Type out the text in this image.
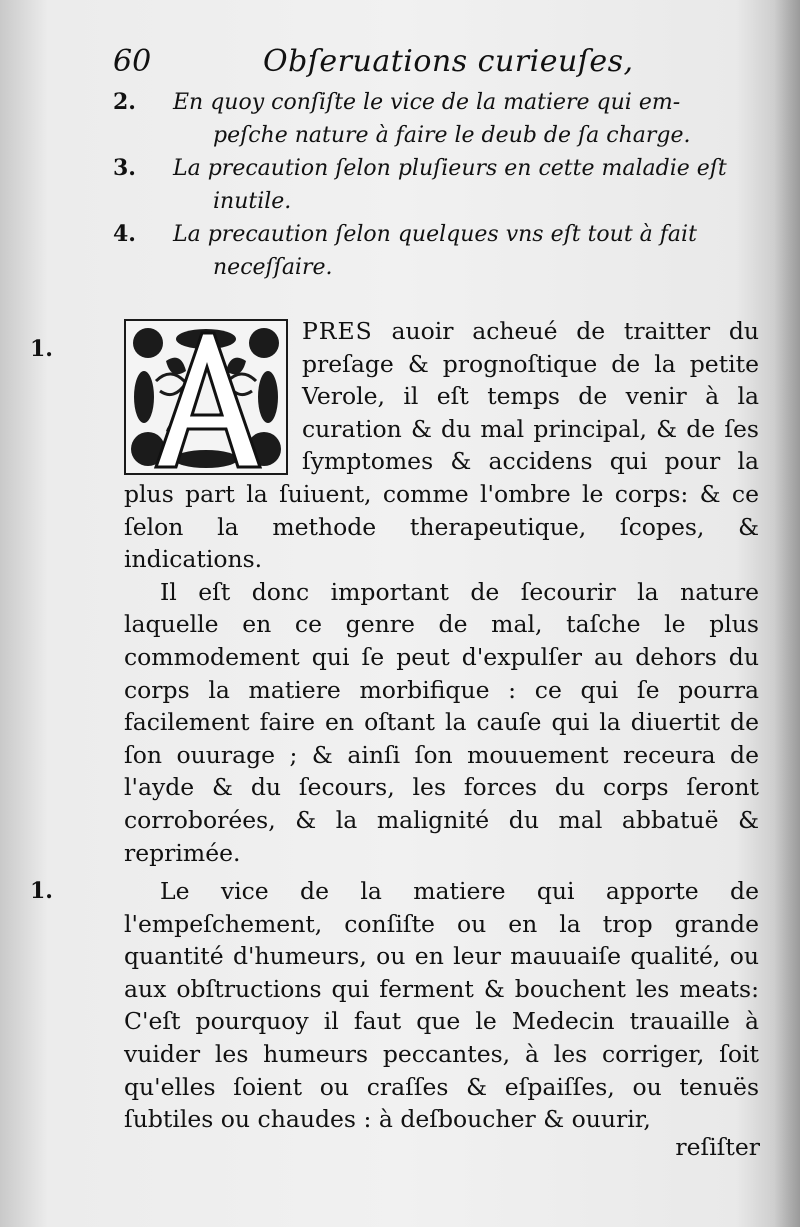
60	Obſeruations curieuſes,
2. En quoy conſiſte le vice de la matiere qui em-
peſche nature à faire le deub de ſa charge.
3. La precaution ſelon pluſieurs en cette maladie eſt
inutile.
4. La precaution ſelon quelques vns eſt tout à fait
neceſſaire.
1.
1.

PRES auoir acheué de traitter du preſage & prognoſtique de la petite Verole, il eſt temps de venir à la curation & du mal principal, & de ſes ſymptomes & accidens qui pour la plus part la ſuiuent, comme l'ombre le corps: & ce ſelon la methode therapeutique, ſcopes, & indications.

Il eſt donc important de ſecourir la nature laquelle en ce genre de mal, taſche le plus commodement qui ſe peut d'expulſer au dehors du corps la matiere morbifique : ce qui ſe pourra facilement faire en oſtant la cauſe qui la diuertit de ſon ouurage ; & ainſi ſon mouuement receura de l'ayde & du ſecours, les forces du corps ſeront corroborées, & la malignité du mal abbatuë & reprimée.

Le vice de la matiere qui apporte de l'empeſchement, conſiſte ou en la trop grande quantité d'humeurs, ou en leur mauuaiſe qualité, ou aux obſtructions qui ferment & bouchent les meats: C'eſt pourquoy il faut que le Medecin trauaille à vuider les humeurs peccantes, à les corriger, ſoit qu'elles ſoient ou craſſes & eſpaiſſes, ou tenuës ſubtiles ou chaudes : à deſboucher & ouurir,

reſiſter
